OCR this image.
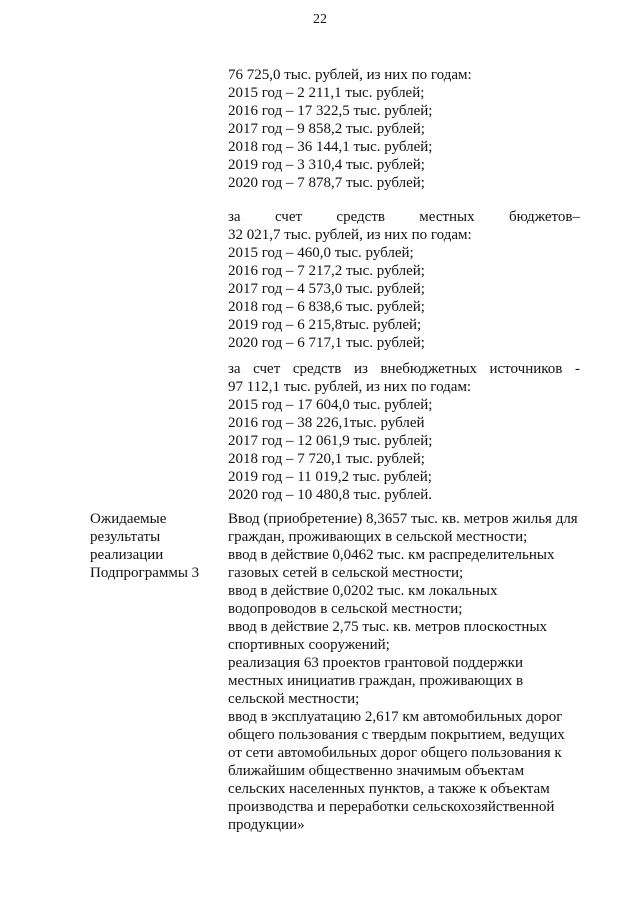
22
76 725,0 тыс. рублей, из них по годам:
2015 год – 2 211,1 тыс. рублей;
2016 год – 17 322,5 тыс. рублей;
2017 год – 9 858,2 тыс. рублей;
2018 год – 36 144,1 тыс. рублей;
2019 год – 3 310,4 тыс. рублей;
2020 год – 7 878,7 тыс. рублей;
за счет средств местных бюджетов–
32 021,7 тыс. рублей, из них по годам:
2015 год – 460,0 тыс. рублей;
2016 год – 7 217,2 тыс. рублей;
2017 год – 4 573,0 тыс. рублей;
2018 год – 6 838,6 тыс. рублей;
2019 год – 6 215,8тыс. рублей;
2020 год – 6 717,1 тыс. рублей;
за счет средств из внебюджетных источников -
97 112,1 тыс. рублей, из них по годам:
2015 год – 17 604,0 тыс. рублей;
2016 год – 38 226,1тыс. рублей
2017 год – 12 061,9 тыс. рублей;
2018 год – 7 720,1 тыс. рублей;
2019 год – 11 019,2 тыс. рублей;
2020 год – 10 480,8 тыс. рублей.
Ожидаемые
результаты
реализации
Подпрограммы 3
Ввод (приобретение) 8,3657 тыс. кв. метров жилья для
граждан, проживающих в сельской местности;
ввод в действие 0,0462 тыс. км распределительных
газовых сетей в сельской местности;
ввод в действие 0,0202 тыс. км локальных
водопроводов в сельской местности;
ввод в действие 2,75 тыс. кв. метров плоскостных
спортивных сооружений;
реализация 63 проектов грантовой поддержки
местных инициатив граждан, проживающих в
сельской местности;
ввод в эксплуатацию 2,617 км автомобильных дорог
общего пользования с твердым покрытием, ведущих
от сети автомобильных дорог общего пользования к
ближайшим общественно значимым объектам
сельских населенных пунктов, а также к объектам
производства и переработки сельскохозяйственной
продукции»
